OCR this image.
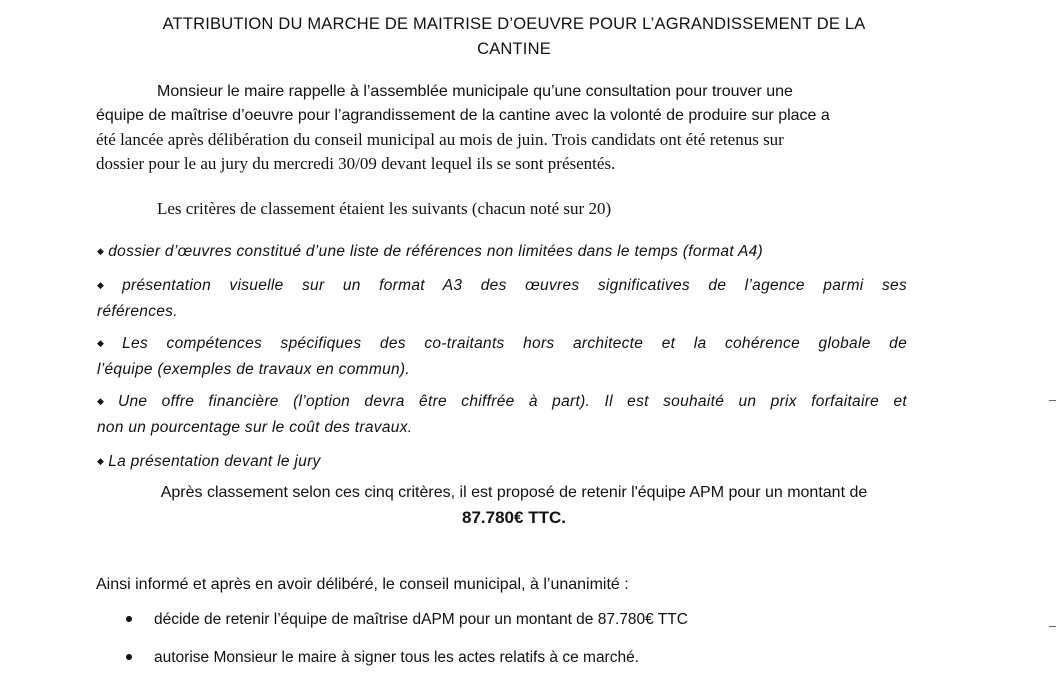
ATTRIBUTION DU MARCHE DE MAITRISE D’OEUVRE POUR L’AGRANDISSEMENT DE LA
CANTINE
Monsieur le maire rappelle à l’assemblée municipale qu’une consultation pour trouver une
équipe de maîtrise d’oeuvre pour l’agrandissement de la cantine avec la volonté de produire sur place a
été lancée après délibération du conseil municipal au mois de juin. Trois candidats ont été retenus sur
dossier pour le au jury du mercredi 30/09 devant lequel ils se sont présentés.
Les critères de classement étaient les suivants (chacun noté sur 20)
◆ dossier d’œuvres constitué d’une liste de références non limitées dans le temps (format A4)
◆ présentation visuelle sur un format A3 des œuvres significatives de l’agence parmi ses
références.
◆ Les compétences spécifiques des co-traitants hors architecte et la cohérence globale de
l’équipe (exemples de travaux en commun).
◆ Une offre financière (l’option devra être chiffrée à part). Il est souhaité un prix forfaitaire et
non un pourcentage sur le coût des travaux.
◆ La présentation devant le jury
Après classement selon ces cinq critères, il est proposé de retenir l'équipe APM pour un montant de
87.780€ TTC.
Ainsi informé et après en avoir délibéré, le conseil municipal, à l’unanimité :
décide de retenir l’équipe de maîtrise dAPM pour un montant de 87.780€ TTC
autorise Monsieur le maire à signer tous les actes relatifs à ce marché.
